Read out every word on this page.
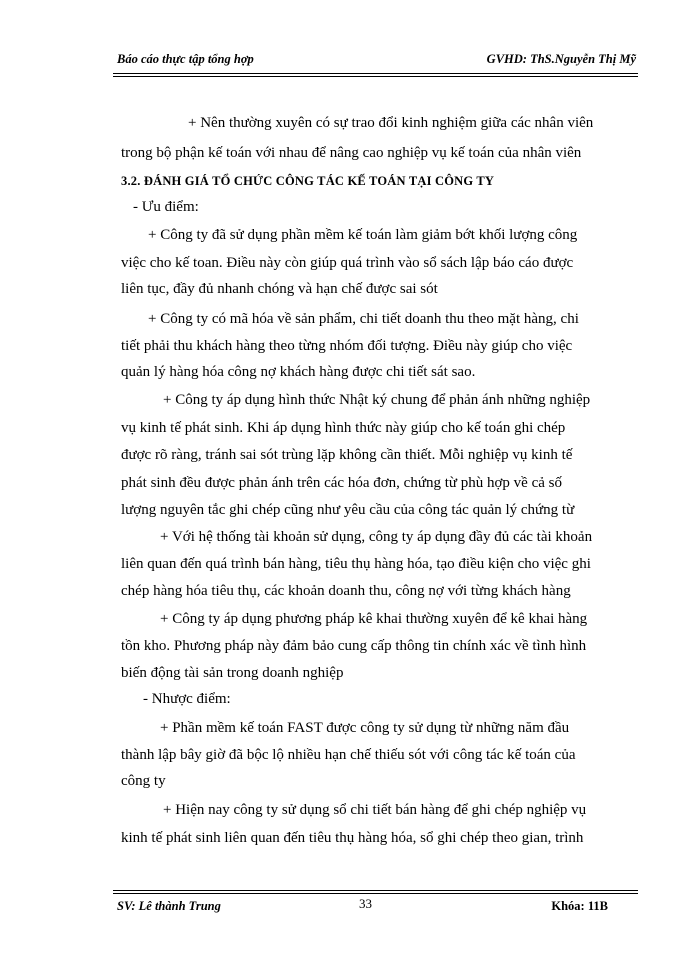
Báo cáo thực tập tổng hợp	GVHD: ThS.Nguyễn Thị Mỹ
+ Nên thường xuyên có sự trao đổi kinh nghiệm giữa các nhân viên
trong bộ phận kế toán với nhau để nâng cao nghiệp vụ kế toán của nhân viên
3.2. ĐÁNH GIÁ TỔ CHỨC CÔNG TÁC KẾ TOÁN TẠI CÔNG TY
- Ưu điểm:
+ Công ty đã sử dụng phần mềm kế toán làm giảm bớt khối lượng công
việc cho kế toan. Điều này còn giúp quá trình vào sổ sách lập báo cáo được
liên tục, đầy đủ nhanh chóng và hạn chế được sai sót
+ Công ty có mã hóa về sản phẩm, chi tiết doanh thu theo mặt hàng, chi
tiết phải thu khách hàng theo từng nhóm đối tượng. Điều này giúp cho việc
quản lý hàng hóa công nợ khách hàng được chi tiết sát sao.
+ Công ty áp dụng hình thức Nhật ký chung để phản ánh những nghiệp
vụ kinh tế phát sinh. Khi áp dụng hình thức này giúp cho kế toán ghi chép
được rõ ràng, tránh sai sót trùng lặp không cần thiết. Mỗi nghiệp vụ kinh tế
phát sinh đều được phản ánh trên các hóa đơn, chứng từ phù hợp về cả số
lượng nguyên tắc ghi chép cũng như yêu cầu của công tác quản lý chứng từ
+ Với hệ thống tài khoản sử dụng, công ty áp dụng đầy đủ các tài khoản
liên quan đến quá trình bán hàng, tiêu thụ hàng hóa, tạo điều kiện cho việc ghi
chép hàng hóa tiêu thụ, các khoản doanh thu, công nợ với từng khách hàng
+ Công ty áp dụng phương pháp kê khai thường xuyên để kê khai hàng
tồn kho. Phương pháp này đảm bảo cung cấp thông tin chính xác về tình hình
biến động tài sản trong doanh nghiệp
- Nhược điểm:
+ Phần mềm kế toán FAST được công ty sử dụng từ những năm đầu
thành lập bây giờ đã bộc lộ nhiều hạn chế thiếu sót với công tác kế toán của
công ty
+ Hiện nay công ty sử dụng sổ chi tiết bán hàng để ghi chép nghiệp vụ
kinh tế phát sinh liên quan đến tiêu thụ hàng hóa, sổ ghi chép theo gian, trình
SV: Lê thành Trung	33	Khóa: 11B
